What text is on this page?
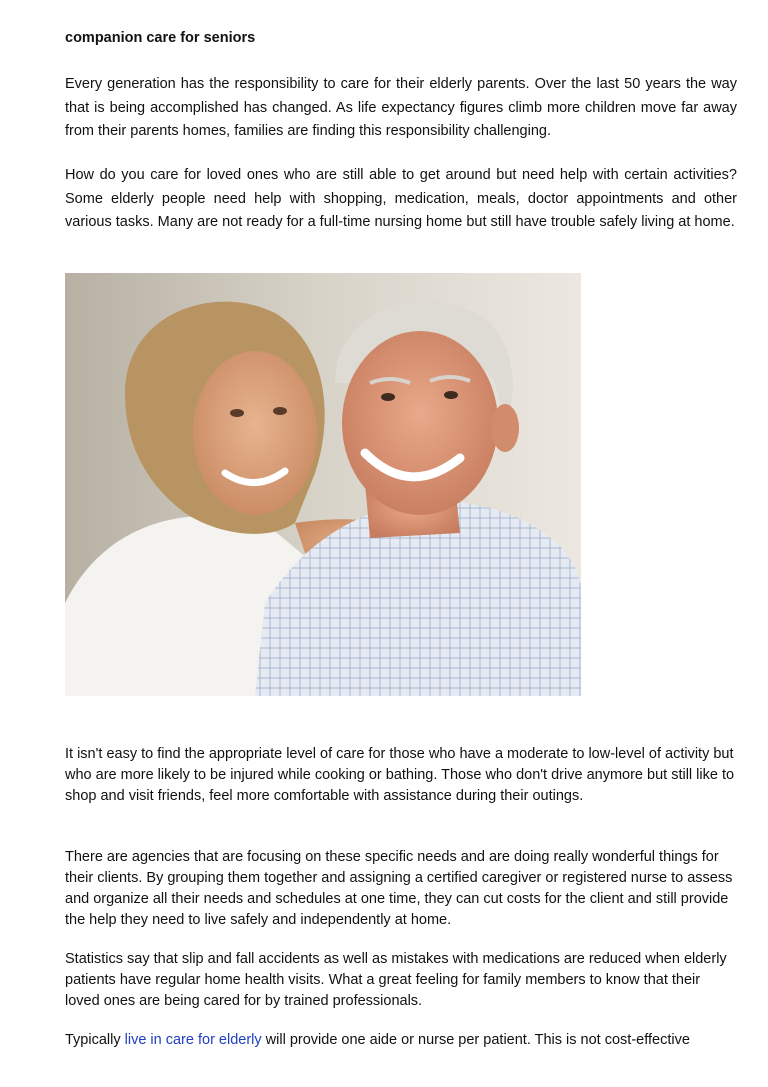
companion care for seniors

Every generation has the responsibility to care for their elderly parents. Over the last 50 years the way that is being accomplished has changed. As life expectancy figures climb more children move far away from their parents homes, families are finding this responsibility challenging.

How do you care for loved ones who are still able to get around but need help with certain activities? Some elderly people need help with shopping, medication, meals, doctor appointments and other various tasks. Many are not ready for a full-time nursing home but still have trouble safely living at home.

It isn't easy to find the appropriate level of care for those who have a moderate to low-level of activity but who are more likely to be injured while cooking or bathing. Those who don't drive anymore but still like to shop and visit friends, feel more comfortable with assistance during their outings.

There are agencies that are focusing on these specific needs and are doing really wonderful things for their clients. By grouping them together and assigning a certified caregiver or registered nurse to assess and organize all their needs and schedules at one time, they can cut costs for the client and still provide the help they need to live safely and independently at home.

Statistics say that slip and fall accidents as well as mistakes with medications are reduced when elderly patients have regular home health visits. What a great feeling for family members to know that their loved ones are being cared for by trained professionals.

Typically live in care for elderly will provide one aide or nurse per patient. This is not cost-effective
